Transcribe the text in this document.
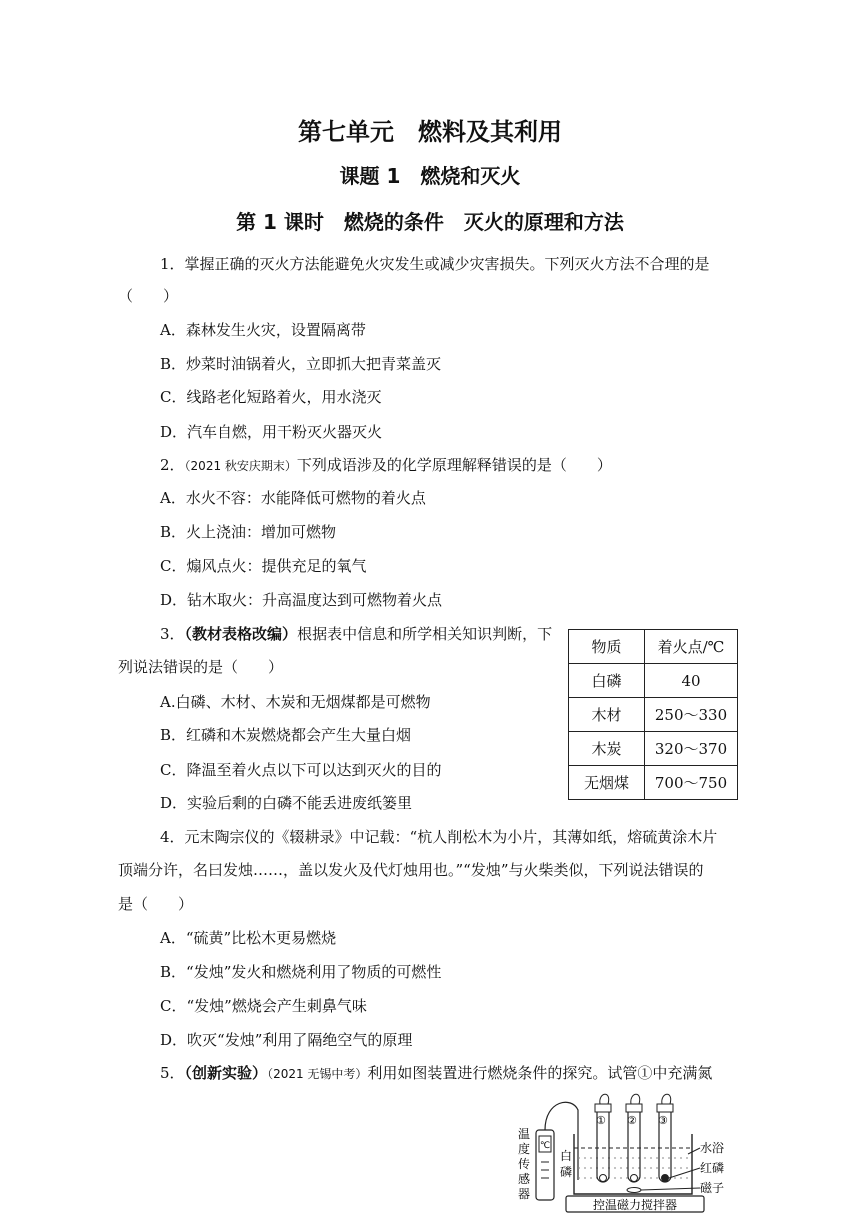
第七单元　燃料及其利用
课题 1　燃烧和灭火
第 1 课时　燃烧的条件　灭火的原理和方法
1．掌握正确的灭火方法能避免火灾发生或减少灾害损失。下列灭火方法不合理的是
（　　）
A．森林发生火灾，设置隔离带
B．炒菜时油锅着火，立即抓大把青菜盖灭
C．线路老化短路着火，用水浇灭
D．汽车自燃，用干粉灭火器灭火
2．（2021 秋安庆期末）下列成语涉及的化学原理解释错误的是（　　）
A．水火不容：水能降低可燃物的着火点
B．火上浇油：增加可燃物
C．煽风点火：提供充足的氧气
D．钻木取火：升高温度达到可燃物着火点
3．（教材表格改编）根据表中信息和所学相关知识判断，下
列说法错误的是（　　）
A.白磷、木材、木炭和无烟煤都是可燃物
B．红磷和木炭燃烧都会产生大量白烟
C．降温至着火点以下可以达到灭火的目的
D．实验后剩的白磷不能丢进废纸篓里
物质	着火点/℃
白磷	40
木材	250～330
木炭	320～370
无烟煤	700～750
4．元末陶宗仪的《辍耕录》中记载：“杭人削松木为小片，其薄如纸，熔硫黄涂木片
顶端分许，名曰发烛……，盖以发火及代灯烛用也。”“发烛”与火柴类似，下列说法错误的
是（　　）
A．“硫黄”比松木更易燃烧
B．“发烛”发火和燃烧利用了物质的可燃性
C．“发烛”燃烧会产生刺鼻气味
D．吹灭“发烛”利用了隔绝空气的原理
5．（创新实验）（2021 无锡中考）利用如图装置进行燃烧条件的探究。试管①中充满氮
温
度
传
感
器
℃
白
磷
① ② ③
水浴
红磷
磁子
控温磁力搅拌器
